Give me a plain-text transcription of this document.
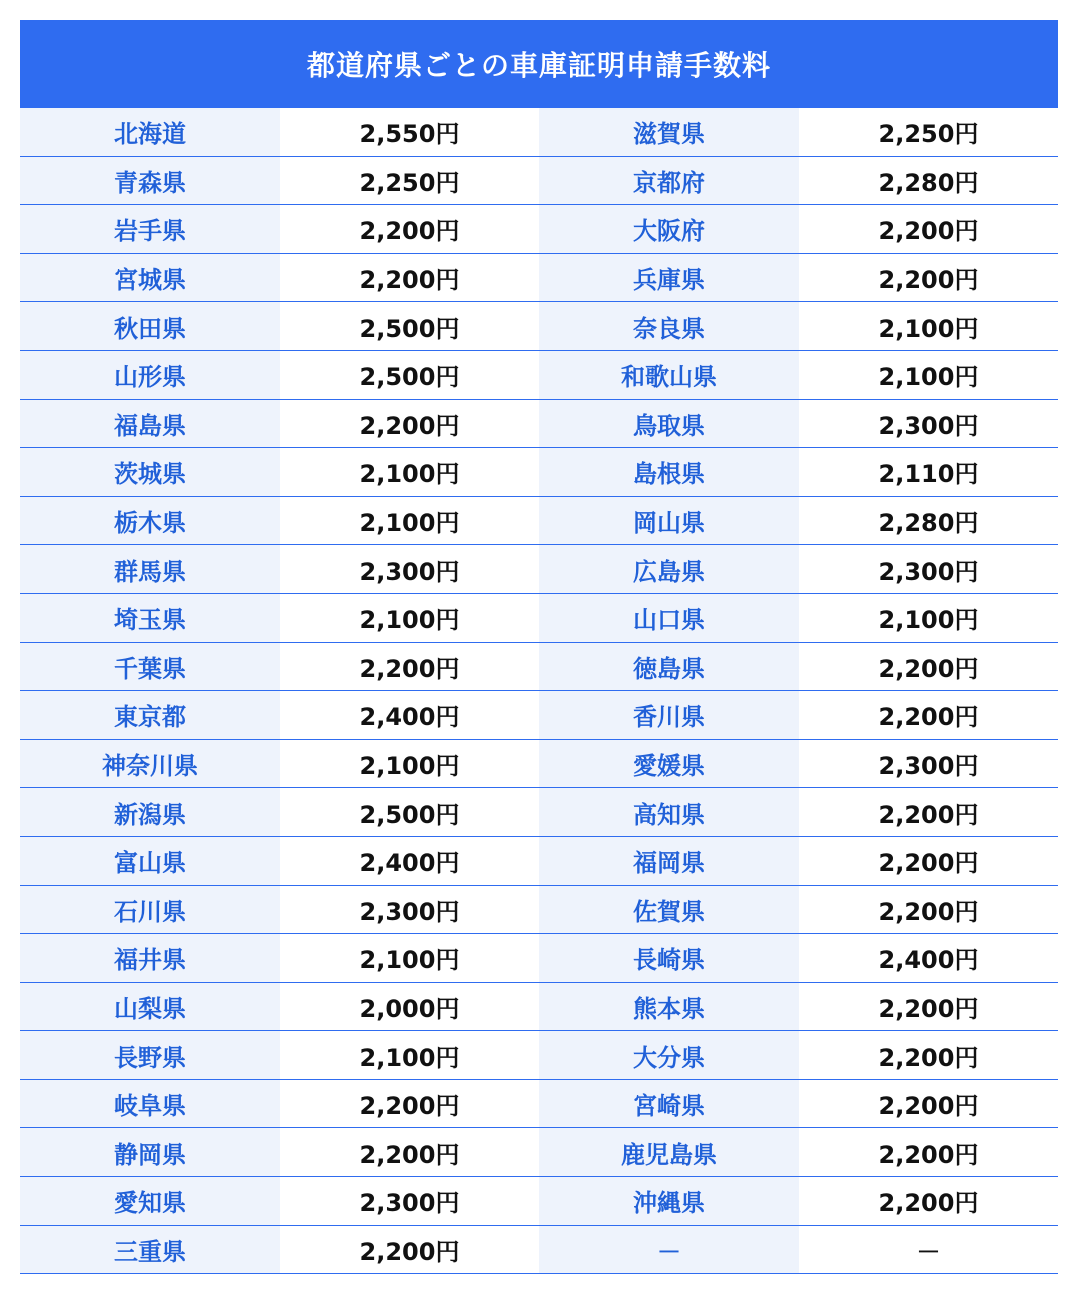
都道府県ごとの車庫証明申請手数料
北海道	2,550円	滋賀県	2,250円
青森県	2,250円	京都府	2,280円
岩手県	2,200円	大阪府	2,200円
宮城県	2,200円	兵庫県	2,200円
秋田県	2,500円	奈良県	2,100円
山形県	2,500円	和歌山県	2,100円
福島県	2,200円	鳥取県	2,300円
茨城県	2,100円	島根県	2,110円
栃木県	2,100円	岡山県	2,280円
群馬県	2,300円	広島県	2,300円
埼玉県	2,100円	山口県	2,100円
千葉県	2,200円	徳島県	2,200円
東京都	2,400円	香川県	2,200円
神奈川県	2,100円	愛媛県	2,300円
新潟県	2,500円	高知県	2,200円
富山県	2,400円	福岡県	2,200円
石川県	2,300円	佐賀県	2,200円
福井県	2,100円	長崎県	2,400円
山梨県	2,000円	熊本県	2,200円
長野県	2,100円	大分県	2,200円
岐阜県	2,200円	宮崎県	2,200円
静岡県	2,200円	鹿児島県	2,200円
愛知県	2,300円	沖縄県	2,200円
三重県	2,200円	－	－
